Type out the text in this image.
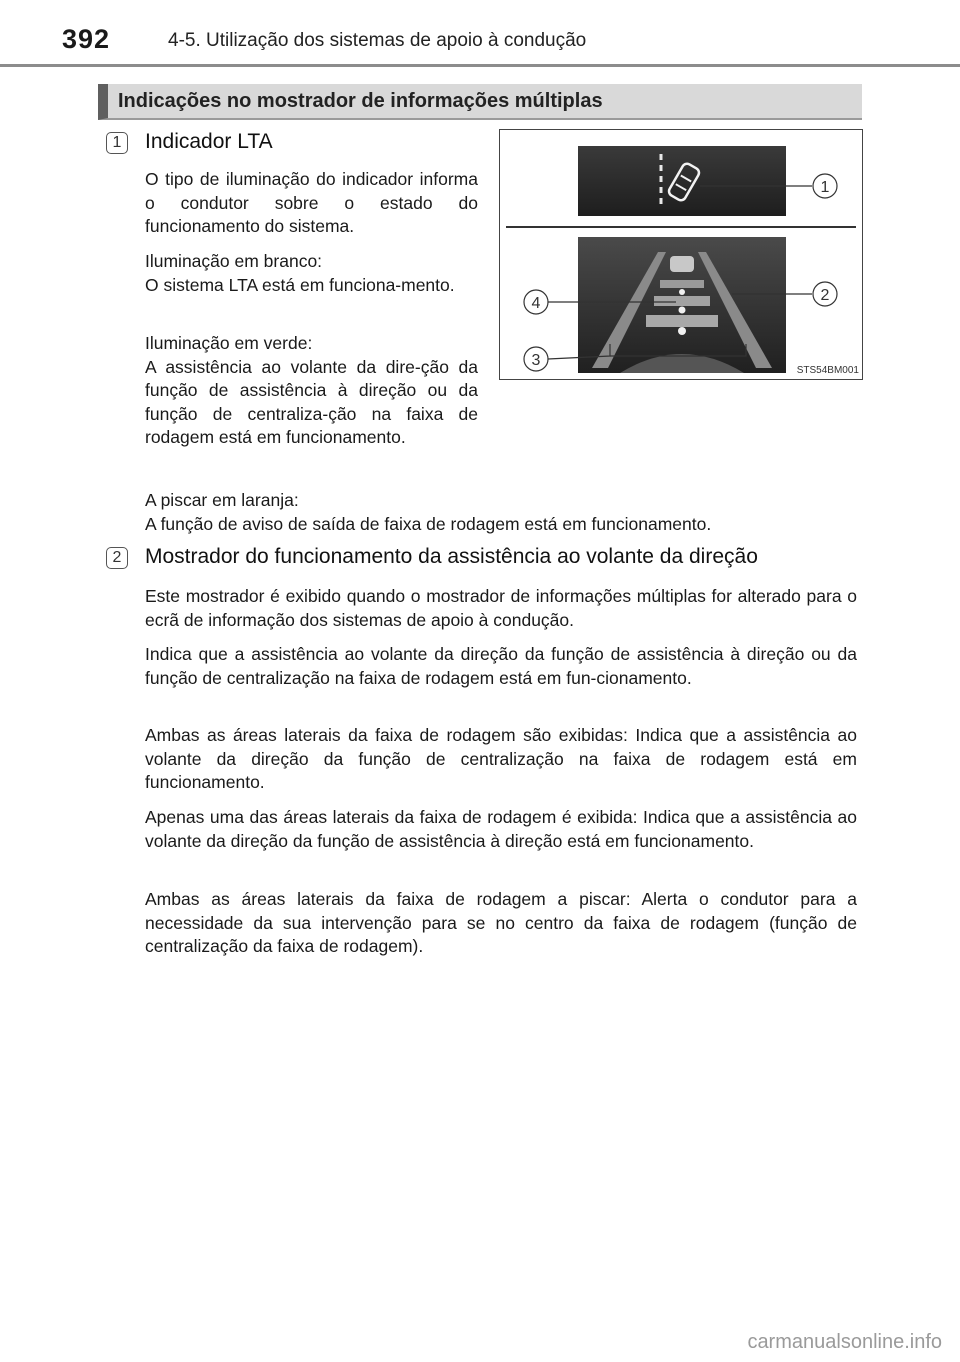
392	4-5. Utilização dos sistemas de apoio à condução
Indicações no mostrador de informações múltiplas
1	Indicador LTA

O tipo de iluminação do indicador informa o condutor sobre o estado do funcionamento do sistema.

Iluminação em branco:
O sistema LTA está em funciona-mento.

Iluminação em verde:
A assistência ao volante da dire-ção da função de assistência à direção ou da função de centraliza-ção na faixa de rodagem está em funcionamento.

A piscar em laranja:
A função de aviso de saída de faixa de rodagem está em funcionamento.

1
2
3
4
STS54BM001
2	Mostrador do funcionamento da assistência ao volante da direção

Este mostrador é exibido quando o mostrador de informações múltiplas for alterado para o ecrã de informação dos sistemas de apoio à condução.

Indica que a assistência ao volante da direção da função de assistência à direção ou da função de centralização na faixa de rodagem está em fun-cionamento.

Ambas as áreas laterais da faixa de rodagem são exibidas: Indica que a assistência ao volante da direção da função de centralização na faixa de rodagem está em funcionamento.

Apenas uma das áreas laterais da faixa de rodagem é exibida: Indica que a assistência ao volante da direção da função de assistência à direção está em funcionamento.

Ambas as áreas laterais da faixa de rodagem a piscar: Alerta o condutor para a necessidade da sua intervenção para se no centro da faixa de rodagem (função de centralização da faixa de rodagem).

carmanualsonline.info
